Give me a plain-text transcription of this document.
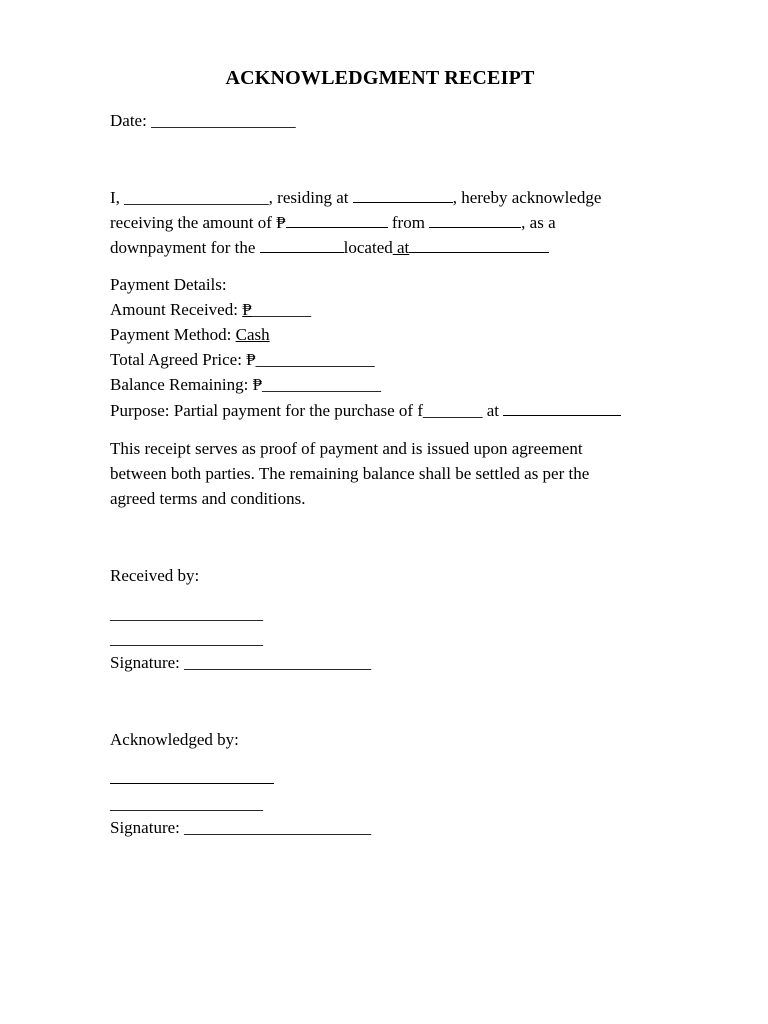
ACKNOWLEDGMENT RECEIPT
Date: _________________
I, _________________, residing at	, hereby acknowledge
receiving the amount of ₱	from	, as a
downpayment for the	located at
Payment Details:
Amount Received: ₱_______
Payment Method: Cash
Total Agreed Price: ₱______________
Balance Remaining: ₱______________
Purpose: Partial payment for the purchase of f_______ at
This receipt serves as proof of payment and is issued upon agreement
between both parties. The remaining balance shall be settled as per the
agreed terms and conditions.
Received by:
__________________
__________________
Signature: ______________________
Acknowledged by:
__________________
Signature: ______________________
